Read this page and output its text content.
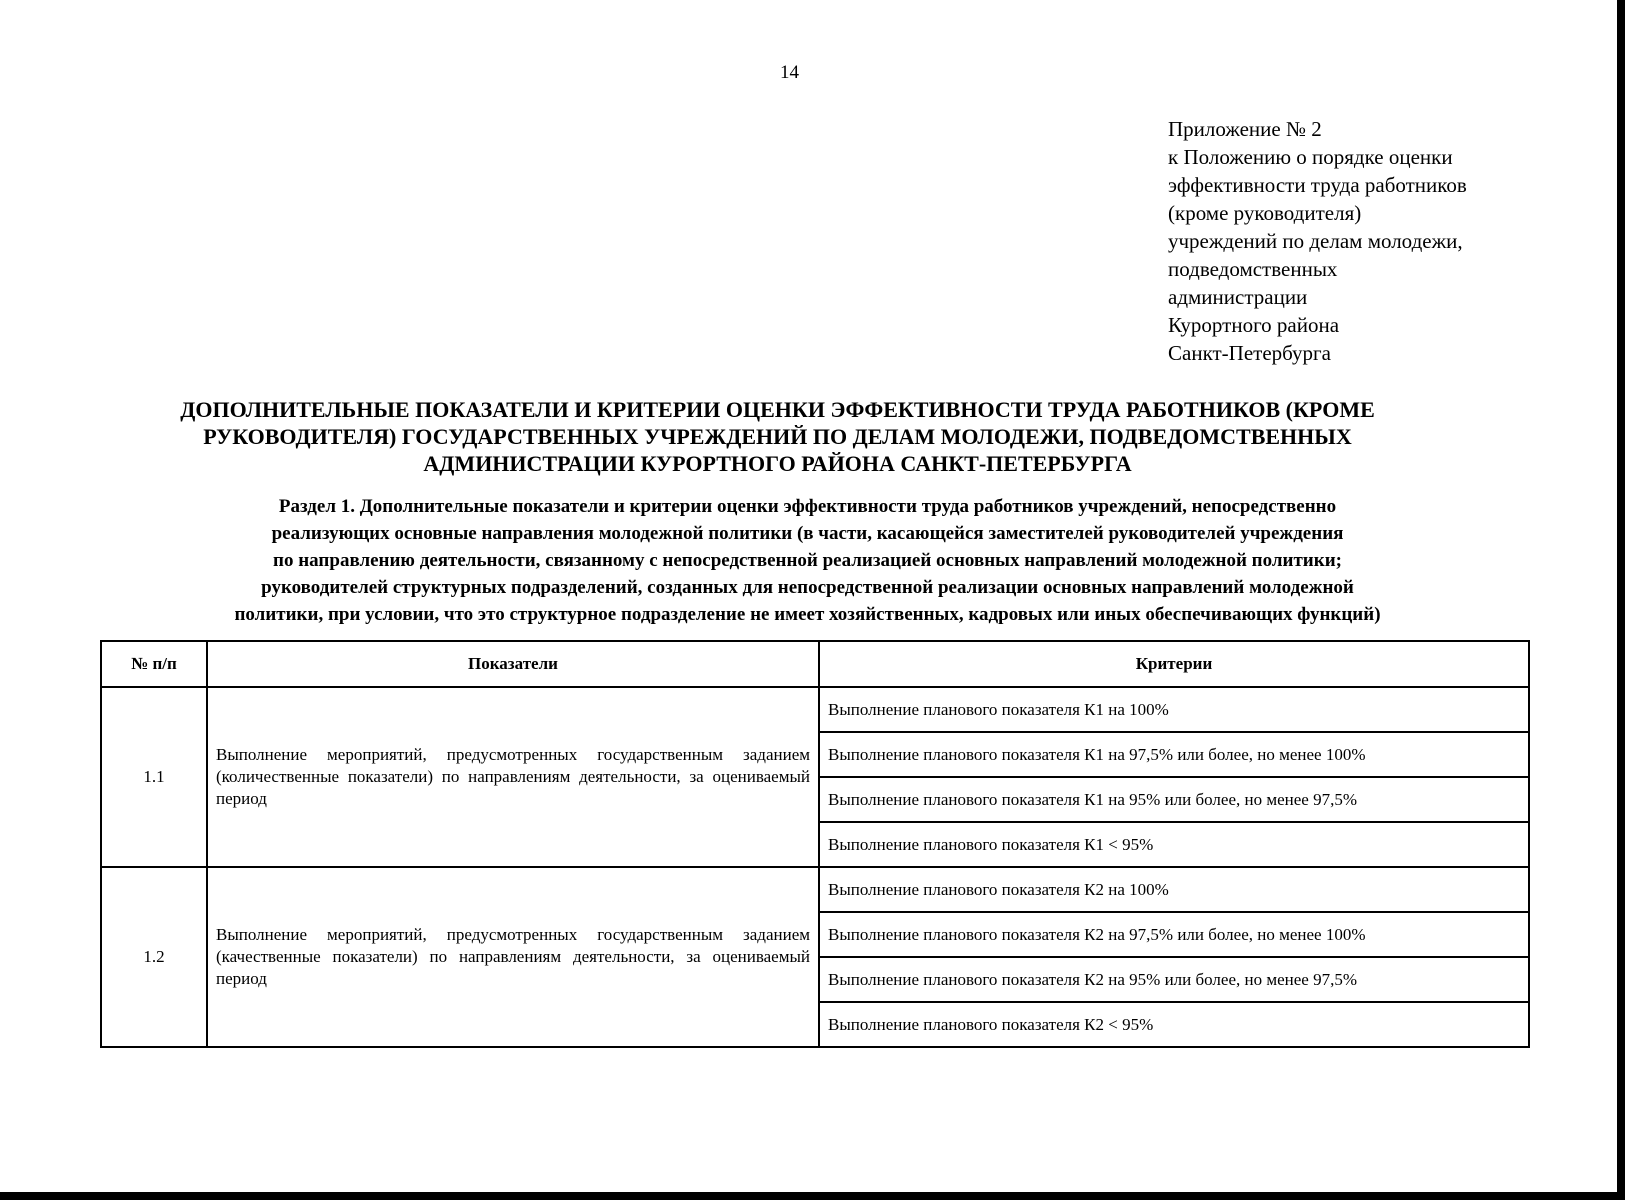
14
Приложение № 2
к Положению о порядке оценки
эффективности труда работников
(кроме руководителя)
учреждений по делам молодежи,
подведомственных
администрации
Курортного района
Санкт-Петербурга
ДОПОЛНИТЕЛЬНЫЕ ПОКАЗАТЕЛИ И КРИТЕРИИ ОЦЕНКИ ЭФФЕКТИВНОСТИ ТРУДА РАБОТНИКОВ (КРОМЕ
РУКОВОДИТЕЛЯ) ГОСУДАРСТВЕННЫХ УЧРЕЖДЕНИЙ ПО ДЕЛАМ МОЛОДЕЖИ, ПОДВЕДОМСТВЕННЫХ
АДМИНИСТРАЦИИ КУРОРТНОГО РАЙОНА САНКТ-ПЕТЕРБУРГА
Раздел 1. Дополнительные показатели и критерии оценки эффективности труда работников учреждений, непосредственно
реализующих основные направления молодежной политики (в части, касающейся заместителей руководителей учреждения
по направлению деятельности, связанному с непосредственной реализацией основных направлений молодежной политики;
руководителей структурных подразделений, созданных для непосредственной реализации основных направлений молодежной
политики, при условии, что это структурное подразделение не имеет хозяйственных, кадровых или иных обеспечивающих функций)
№ п/п	Показатели	Критерии
1.1	Выполнение мероприятий, предусмотренных государственным заданием (количественные показатели) по направлениям деятельности, за оцениваемый период	Выполнение планового показателя К1 на 100%
		Выполнение планового показателя К1 на 97,5% или более, но менее 100%
		Выполнение планового показателя К1 на 95% или более, но менее 97,5%
		Выполнение планового показателя К1 < 95%
1.2	Выполнение мероприятий, предусмотренных государственным заданием (качественные показатели) по направлениям деятельности, за оцениваемый период	Выполнение планового показателя К2 на 100%
		Выполнение планового показателя К2 на 97,5% или более, но менее 100%
		Выполнение планового показателя К2 на 95% или более, но менее 97,5%
		Выполнение планового показателя К2 < 95%
